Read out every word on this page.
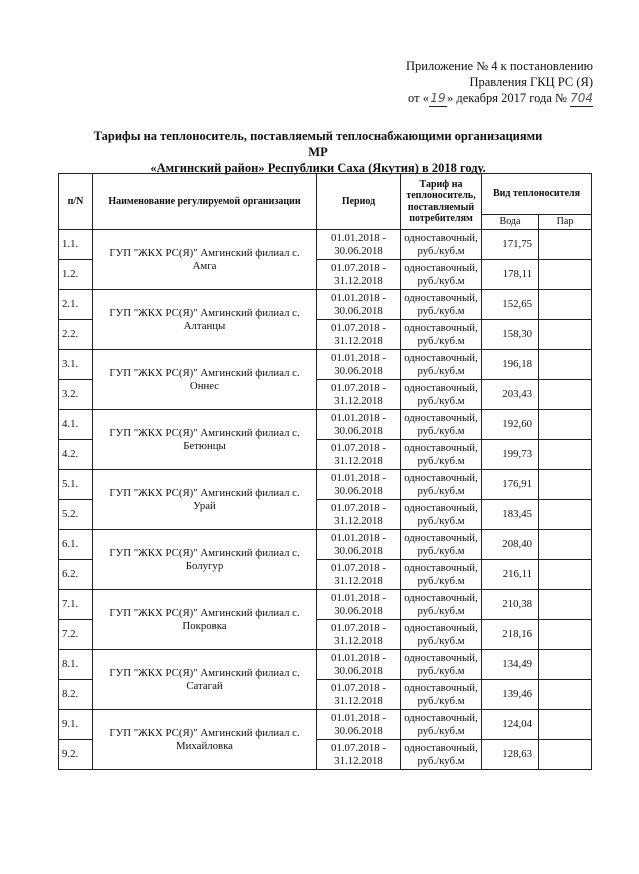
Приложение № 4 к постановлению
Правления ГКЦ РС (Я)
от «19» декабря 2017 года № 704
Тарифы на теплоноситель, поставляемый теплоснабжающими организациями МР
«Амгинский район» Республики Саха (Якутия) в 2018 году.
п/N	Наименование регулируемой организации	Период	Тариф на теплоноситель, поставляемый потребителям	Вид теплоносителя	
				Вода	Пар
1.1.	ГУП "ЖКХ РС(Я)" Амгинский филиал с. Амга	01.01.2018 - 30.06.2018	одноставочный, руб./куб.м	171,75	
1.2.		01.07.2018 - 31.12.2018	одноставочный, руб./куб.м	178,11	
2.1.	ГУП "ЖКХ РС(Я)" Амгинский филиал с. Алтанцы	01.01.2018 - 30.06.2018	одноставочный, руб./куб.м	152,65	
2.2.		01.07.2018 - 31.12.2018	одноставочный, руб./куб.м	158,30	
3.1.	ГУП "ЖКХ РС(Я)" Амгинский филиал с. Оннес	01.01.2018 - 30.06.2018	одноставочный, руб./куб.м	196,18	
3.2.		01.07.2018 - 31.12.2018	одноставочный, руб./куб.м	203,43	
4.1.	ГУП "ЖКХ РС(Я)" Амгинский филиал с. Бетюнцы	01.01.2018 - 30.06.2018	одноставочный, руб./куб.м	192,60	
4.2.		01.07.2018 - 31.12.2018	одноставочный, руб./куб.м	199,73	
5.1.	ГУП "ЖКХ РС(Я)" Амгинский филиал с. Урай	01.01.2018 - 30.06.2018	одноставочный, руб./куб.м	176,91	
5.2.		01.07.2018 - 31.12.2018	одноставочный, руб./куб.м	183,45	
6.1.	ГУП "ЖКХ РС(Я)" Амгинский филиал с. Болугур	01.01.2018 - 30.06.2018	одноставочный, руб./куб.м	208,40	
6.2.		01.07.2018 - 31.12.2018	одноставочный, руб./куб.м	216,11	
7.1.	ГУП "ЖКХ РС(Я)" Амгинский филиал с. Покровка	01.01.2018 - 30.06.2018	одноставочный, руб./куб.м	210,38	
7.2.		01.07.2018 - 31.12.2018	одноставочный, руб./куб.м	218,16	
8.1.	ГУП "ЖКХ РС(Я)" Амгинский филиал с. Сатагай	01.01.2018 - 30.06.2018	одноставочный, руб./куб.м	134,49	
8.2.		01.07.2018 - 31.12.2018	одноставочный, руб./куб.м	139,46	
9.1.	ГУП "ЖКХ РС(Я)" Амгинский филиал с. Михайловка	01.01.2018 - 30.06.2018	одноставочный, руб./куб.м	124,04	
9.2.		01.07.2018 - 31.12.2018	одноставочный, руб./куб.м	128,63	
